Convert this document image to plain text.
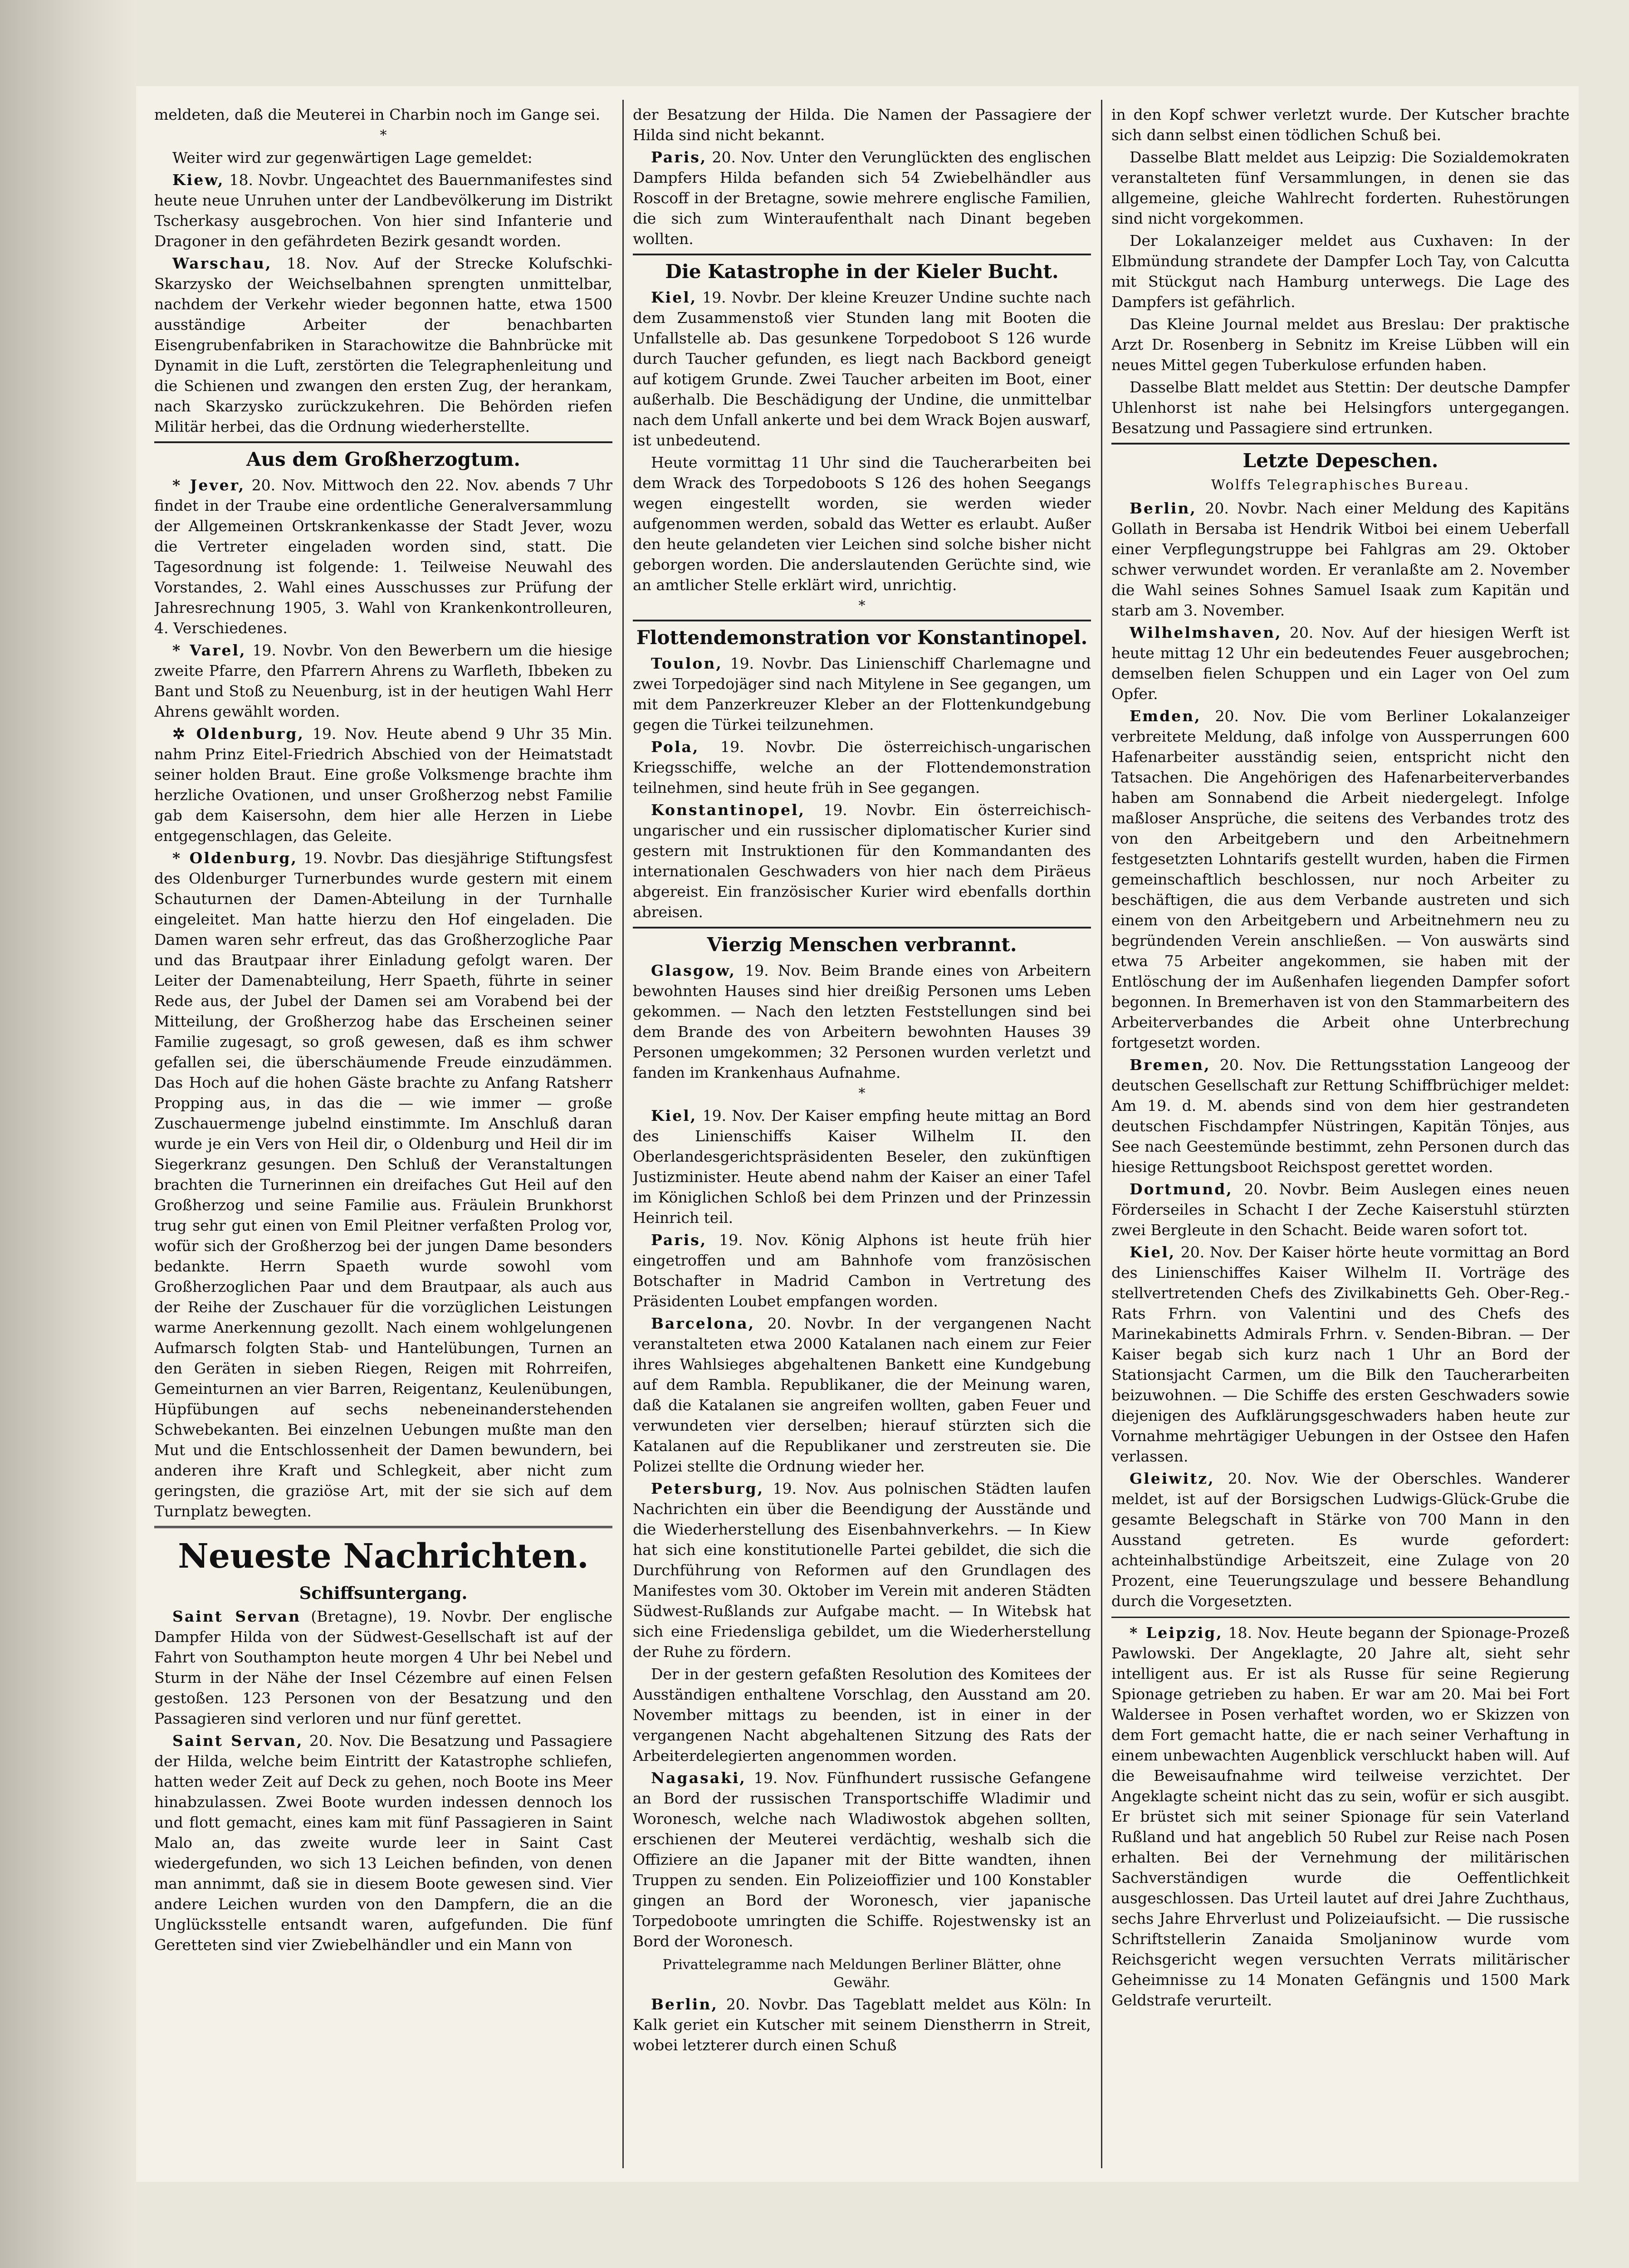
meldeten, daß die Meuterei in Charbin noch im Gange sei.

*

Weiter wird zur gegenwärtigen Lage gemeldet:

Kiew, 18. Novbr. Ungeachtet des Bauernmanifestes sind heute neue Unruhen unter der Landbevölkerung im Distrikt Tscherkasy ausgebrochen. Von hier sind Infanterie und Dragoner in den gefährdeten Bezirk gesandt worden.

Warschau, 18. Nov. Auf der Strecke Kolufschki-Skarzysko der Weichselbahnen sprengten unmittelbar, nachdem der Verkehr wieder begonnen hatte, etwa 1500 ausständige Arbeiter der benachbarten Eisengrubenfabriken in Starachowitze die Bahnbrücke mit Dynamit in die Luft, zerstörten die Telegraphenleitung und die Schienen und zwangen den ersten Zug, der herankam, nach Skarzysko zurückzukehren. Die Behörden riefen Militär herbei, das die Ordnung wiederherstellte.

Aus dem Großherzogtum.

* Jever, 20. Nov. Mittwoch den 22. Nov. abends 7 Uhr findet in der Traube eine ordentliche Generalversammlung der Allgemeinen Ortskrankenkasse der Stadt Jever, wozu die Vertreter eingeladen worden sind, statt. Die Tagesordnung ist folgende: 1. Teilweise Neuwahl des Vorstandes, 2. Wahl eines Ausschusses zur Prüfung der Jahresrechnung 1905, 3. Wahl von Krankenkontrolleuren, 4. Verschiedenes.

* Varel, 19. Novbr. Von den Bewerbern um die hiesige zweite Pfarre, den Pfarrern Ahrens zu Warfleth, Ibbeken zu Bant und Stoß zu Neuenburg, ist in der heutigen Wahl Herr Ahrens gewählt worden.

✲ Oldenburg, 19. Nov. Heute abend 9 Uhr 35 Min. nahm Prinz Eitel-Friedrich Abschied von der Heimatstadt seiner holden Braut. Eine große Volksmenge brachte ihm herzliche Ovationen, und unser Großherzog nebst Familie gab dem Kaisersohn, dem hier alle Herzen in Liebe entgegenschlagen, das Geleite.

* Oldenburg, 19. Novbr. Das diesjährige Stiftungsfest des Oldenburger Turnerbundes wurde gestern mit einem Schauturnen der Damen-Abteilung in der Turnhalle eingeleitet. Man hatte hierzu den Hof eingeladen. Die Damen waren sehr erfreut, das das Großherzogliche Paar und das Brautpaar ihrer Einladung gefolgt waren. Der Leiter der Damenabteilung, Herr Spaeth, führte in seiner Rede aus, der Jubel der Damen sei am Vorabend bei der Mitteilung, der Großherzog habe das Erscheinen seiner Familie zugesagt, so groß gewesen, daß es ihm schwer gefallen sei, die überschäumende Freude einzudämmen. Das Hoch auf die hohen Gäste brachte zu Anfang Ratsherr Propping aus, in das die — wie immer — große Zuschauermenge jubelnd einstimmte. Im Anschluß daran wurde je ein Vers von Heil dir, o Oldenburg und Heil dir im Siegerkranz gesungen. Den Schluß der Veranstaltungen brachten die Turnerinnen ein dreifaches Gut Heil auf den Großherzog und seine Familie aus. Fräulein Brunkhorst trug sehr gut einen von Emil Pleitner verfaßten Prolog vor, wofür sich der Großherzog bei der jungen Dame besonders bedankte. Herrn Spaeth wurde sowohl vom Großherzoglichen Paar und dem Brautpaar, als auch aus der Reihe der Zuschauer für die vorzüglichen Leistungen warme Anerkennung gezollt. Nach einem wohlgelungenen Aufmarsch folgten Stab- und Hantelübungen, Turnen an den Geräten in sieben Riegen, Reigen mit Rohrreifen, Gemeinturnen an vier Barren, Reigentanz, Keulenübungen, Hüpfübungen auf sechs nebeneinanderstehenden Schwebekanten. Bei einzelnen Uebungen mußte man den Mut und die Entschlossenheit der Damen bewundern, bei anderen ihre Kraft und Schlegkeit, aber nicht zum geringsten, die graziöse Art, mit der sie sich auf dem Turnplatz bewegten.

Neueste Nachrichten.
Schiffsuntergang.

Saint Servan (Bretagne), 19. Novbr. Der englische Dampfer Hilda von der Südwest-Gesellschaft ist auf der Fahrt von Southampton heute morgen 4 Uhr bei Nebel und Sturm in der Nähe der Insel Cézembre auf einen Felsen gestoßen. 123 Personen von der Besatzung und den Passagieren sind verloren und nur fünf gerettet.

Saint Servan, 20. Nov. Die Besatzung und Passagiere der Hilda, welche beim Eintritt der Katastrophe schliefen, hatten weder Zeit auf Deck zu gehen, noch Boote ins Meer hinabzulassen. Zwei Boote wurden indessen dennoch los und flott gemacht, eines kam mit fünf Passagieren in Saint Malo an, das zweite wurde leer in Saint Cast wiedergefunden, wo sich 13 Leichen befinden, von denen man annimmt, daß sie in diesem Boote gewesen sind. Vier andere Leichen wurden von den Dampfern, die an die Unglücksstelle entsandt waren, aufgefunden. Die fünf Geretteten sind vier Zwiebelhändler und ein Mann von

der Besatzung der Hilda. Die Namen der Passagiere der Hilda sind nicht bekannt.

Paris, 20. Nov. Unter den Verunglückten des englischen Dampfers Hilda befanden sich 54 Zwiebelhändler aus Roscoff in der Bretagne, sowie mehrere englische Familien, die sich zum Winteraufenthalt nach Dinant begeben wollten.

Die Katastrophe in der Kieler Bucht.

Kiel, 19. Novbr. Der kleine Kreuzer Undine suchte nach dem Zusammenstoß vier Stunden lang mit Booten die Unfallstelle ab. Das gesunkene Torpedoboot S 126 wurde durch Taucher gefunden, es liegt nach Backbord geneigt auf kotigem Grunde. Zwei Taucher arbeiten im Boot, einer außerhalb. Die Beschädigung der Undine, die unmittelbar nach dem Unfall ankerte und bei dem Wrack Bojen auswarf, ist unbedeutend.

Heute vormittag 11 Uhr sind die Taucherarbeiten bei dem Wrack des Torpedoboots S 126 des hohen Seegangs wegen eingestellt worden, sie werden wieder aufgenommen werden, sobald das Wetter es erlaubt. Außer den heute gelandeten vier Leichen sind solche bisher nicht geborgen worden. Die anderslautenden Gerüchte sind, wie an amtlicher Stelle erklärt wird, unrichtig.

*
Flottendemonstration vor Konstantinopel.

Toulon, 19. Novbr. Das Linienschiff Charlemagne und zwei Torpedojäger sind nach Mitylene in See gegangen, um mit dem Panzerkreuzer Kleber an der Flottenkundgebung gegen die Türkei teilzunehmen.

Pola, 19. Novbr. Die österreichisch-ungarischen Kriegsschiffe, welche an der Flottendemonstration teilnehmen, sind heute früh in See gegangen.

Konstantinopel, 19. Novbr. Ein österreichisch-ungarischer und ein russischer diplomatischer Kurier sind gestern mit Instruktionen für den Kommandanten des internationalen Geschwaders von hier nach dem Piräeus abgereist. Ein französischer Kurier wird ebenfalls dorthin abreisen.

Vierzig Menschen verbrannt.

Glasgow, 19. Nov. Beim Brande eines von Arbeitern bewohnten Hauses sind hier dreißig Personen ums Leben gekommen. — Nach den letzten Feststellungen sind bei dem Brande des von Arbeitern bewohnten Hauses 39 Personen umgekommen; 32 Personen wurden verletzt und fanden im Krankenhaus Aufnahme.

*

Kiel, 19. Nov. Der Kaiser empfing heute mittag an Bord des Linienschiffs Kaiser Wilhelm II. den Oberlandesgerichtspräsidenten Beseler, den zukünftigen Justizminister. Heute abend nahm der Kaiser an einer Tafel im Königlichen Schloß bei dem Prinzen und der Prinzessin Heinrich teil.

Paris, 19. Nov. König Alphons ist heute früh hier eingetroffen und am Bahnhofe vom französischen Botschafter in Madrid Cambon in Vertretung des Präsidenten Loubet empfangen worden.

Barcelona, 20. Novbr. In der vergangenen Nacht veranstalteten etwa 2000 Katalanen nach einem zur Feier ihres Wahlsieges abgehaltenen Bankett eine Kundgebung auf dem Rambla. Republikaner, die der Meinung waren, daß die Katalanen sie angreifen wollten, gaben Feuer und verwundeten vier derselben; hierauf stürzten sich die Katalanen auf die Republikaner und zerstreuten sie. Die Polizei stellte die Ordnung wieder her.

Petersburg, 19. Nov. Aus polnischen Städten laufen Nachrichten ein über die Beendigung der Ausstände und die Wiederherstellung des Eisenbahnverkehrs. — In Kiew hat sich eine konstitutionelle Partei gebildet, die sich die Durchführung von Reformen auf den Grundlagen des Manifestes vom 30. Oktober im Verein mit anderen Städten Südwest-Rußlands zur Aufgabe macht. — In Witebsk hat sich eine Friedensliga gebildet, um die Wiederherstellung der Ruhe zu fördern.

Der in der gestern gefaßten Resolution des Komitees der Ausständigen enthaltene Vorschlag, den Ausstand am 20. November mittags zu beenden, ist in einer in der vergangenen Nacht abgehaltenen Sitzung des Rats der Arbeiterdelegierten angenommen worden.

Nagasaki, 19. Nov. Fünfhundert russische Gefangene an Bord der russischen Transportschiffe Wladimir und Woronesch, welche nach Wladiwostok abgehen sollten, erschienen der Meuterei verdächtig, weshalb sich die Offiziere an die Japaner mit der Bitte wandten, ihnen Truppen zu senden. Ein Polizeioffizier und 100 Konstabler gingen an Bord der Woronesch, vier japanische Torpedoboote umringten die Schiffe. Rojestwensky ist an Bord der Woronesch.

Privattelegramme nach Meldungen Berliner Blätter, ohne Gewähr.

Berlin, 20. Novbr. Das Tageblatt meldet aus Köln: In Kalk geriet ein Kutscher mit seinem Dienstherrn in Streit, wobei letzterer durch einen Schuß

in den Kopf schwer verletzt wurde. Der Kutscher brachte sich dann selbst einen tödlichen Schuß bei.

Dasselbe Blatt meldet aus Leipzig: Die Sozialdemokraten veranstalteten fünf Versammlungen, in denen sie das allgemeine, gleiche Wahlrecht forderten. Ruhestörungen sind nicht vorgekommen.

Der Lokalanzeiger meldet aus Cuxhaven: In der Elbmündung strandete der Dampfer Loch Tay, von Calcutta mit Stückgut nach Hamburg unterwegs. Die Lage des Dampfers ist gefährlich.

Das Kleine Journal meldet aus Breslau: Der praktische Arzt Dr. Rosenberg in Sebnitz im Kreise Lübben will ein neues Mittel gegen Tuberkulose erfunden haben.

Dasselbe Blatt meldet aus Stettin: Der deutsche Dampfer Uhlenhorst ist nahe bei Helsingfors untergegangen. Besatzung und Passagiere sind ertrunken.

Letzte Depeschen.
Wolffs Telegraphisches Bureau.

Berlin, 20. Novbr. Nach einer Meldung des Kapitäns Gollath in Bersaba ist Hendrik Witboi bei einem Ueberfall einer Verpflegungstruppe bei Fahlgras am 29. Oktober schwer verwundet worden. Er veranlaßte am 2. November die Wahl seines Sohnes Samuel Isaak zum Kapitän und starb am 3. November.

Wilhelmshaven, 20. Nov. Auf der hiesigen Werft ist heute mittag 12 Uhr ein bedeutendes Feuer ausgebrochen; demselben fielen Schuppen und ein Lager von Oel zum Opfer.

Emden, 20. Nov. Die vom Berliner Lokalanzeiger verbreitete Meldung, daß infolge von Aussperrungen 600 Hafenarbeiter ausständig seien, entspricht nicht den Tatsachen. Die Angehörigen des Hafenarbeiterverbandes haben am Sonnabend die Arbeit niedergelegt. Infolge maßloser Ansprüche, die seitens des Verbandes trotz des von den Arbeitgebern und den Arbeitnehmern festgesetzten Lohntarifs gestellt wurden, haben die Firmen gemeinschaftlich beschlossen, nur noch Arbeiter zu beschäftigen, die aus dem Verbande austreten und sich einem von den Arbeitgebern und Arbeitnehmern neu zu begründenden Verein anschließen. — Von auswärts sind etwa 75 Arbeiter angekommen, sie haben mit der Entlöschung der im Außenhafen liegenden Dampfer sofort begonnen. In Bremerhaven ist von den Stammarbeitern des Arbeiterverbandes die Arbeit ohne Unterbrechung fortgesetzt worden.

Bremen, 20. Nov. Die Rettungsstation Langeoog der deutschen Gesellschaft zur Rettung Schiffbrüchiger meldet: Am 19. d. M. abends sind von dem hier gestrandeten deutschen Fischdampfer Nüstringen, Kapitän Tönjes, aus See nach Geestemünde bestimmt, zehn Personen durch das hiesige Rettungsboot Reichspost gerettet worden.

Dortmund, 20. Novbr. Beim Auslegen eines neuen Förderseiles in Schacht I der Zeche Kaiserstuhl stürzten zwei Bergleute in den Schacht. Beide waren sofort tot.

Kiel, 20. Nov. Der Kaiser hörte heute vormittag an Bord des Linienschiffes Kaiser Wilhelm II. Vorträge des stellvertretenden Chefs des Zivilkabinetts Geh. Ober-Reg.-Rats Frhrn. von Valentini und des Chefs des Marinekabinetts Admirals Frhrn. v. Senden-Bibran. — Der Kaiser begab sich kurz nach 1 Uhr an Bord der Stationsjacht Carmen, um die Bilk den Taucherarbeiten beizuwohnen. — Die Schiffe des ersten Geschwaders sowie diejenigen des Aufklärungsgeschwaders haben heute zur Vornahme mehrtägiger Uebungen in der Ostsee den Hafen verlassen.

Gleiwitz, 20. Nov. Wie der Oberschles. Wanderer meldet, ist auf der Borsigschen Ludwigs-Glück-Grube die gesamte Belegschaft in Stärke von 700 Mann in den Ausstand getreten. Es wurde gefordert: achteinhalbstündige Arbeitszeit, eine Zulage von 20 Prozent, eine Teuerungszulage und bessere Behandlung durch die Vorgesetzten.

* Leipzig, 18. Nov. Heute begann der Spionage-Prozeß Pawlowski. Der Angeklagte, 20 Jahre alt, sieht sehr intelligent aus. Er ist als Russe für seine Regierung Spionage getrieben zu haben. Er war am 20. Mai bei Fort Waldersee in Posen verhaftet worden, wo er Skizzen von dem Fort gemacht hatte, die er nach seiner Verhaftung in einem unbewachten Augenblick verschluckt haben will. Auf die Beweisaufnahme wird teilweise verzichtet. Der Angeklagte scheint nicht das zu sein, wofür er sich ausgibt. Er brüstet sich mit seiner Spionage für sein Vaterland Rußland und hat angeblich 50 Rubel zur Reise nach Posen erhalten. Bei der Vernehmung der militärischen Sachverständigen wurde die Oeffentlichkeit ausgeschlossen. Das Urteil lautet auf drei Jahre Zuchthaus, sechs Jahre Ehrverlust und Polizeiaufsicht. — Die russische Schriftstellerin Zanaida Smoljaninow wurde vom Reichsgericht wegen versuchten Verrats militärischer Geheimnisse zu 14 Monaten Gefängnis und 1500 Mark Geldstrafe verurteilt.
